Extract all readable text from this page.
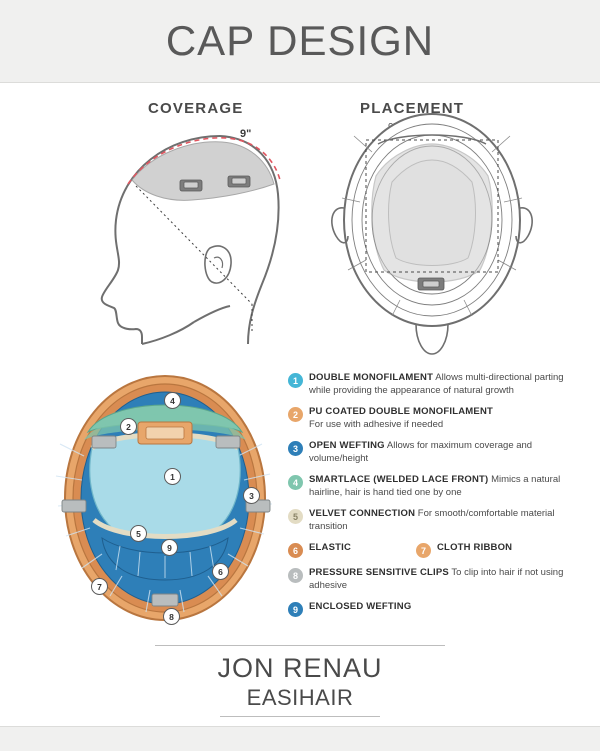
CAP DESIGN
COVERAGE	PLACEMENT
9"
1
2
3
4
5
6
7
8
9
1	DOUBLE MONOFILAMENT Allows multi-directional parting while providing the appearance of natural growth
2	PU COATED DOUBLE MONOFILAMENT
For use with adhesive if needed
3	OPEN WEFTING Allows for maximum coverage and volume/height
4	SMARTLACE (WELDED LACE FRONT) Mimics a natural hairline, hair is hand tied one by one
5	VELVET CONNECTION For smooth/comfortable material transition
6	ELASTIC	7	CLOTH RIBBON
8	PRESSURE SENSITIVE CLIPS To clip into hair if not using adhesive
9	ENCLOSED WEFTING
JON RENAU
EASIHAIR
